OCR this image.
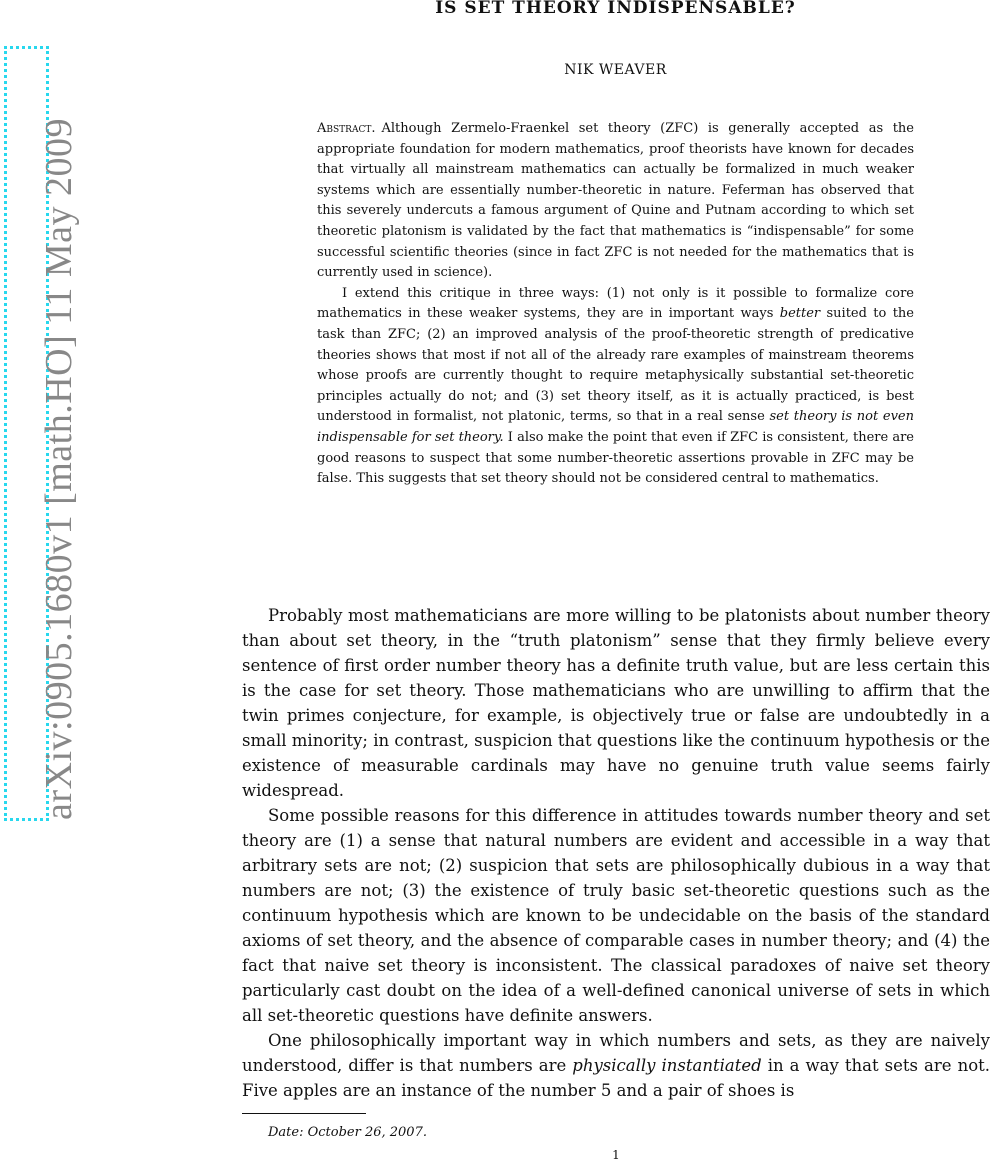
arXiv:0905.1680v1 [math.HO] 11 May 2009
IS SET THEORY INDISPENSABLE?
NIK WEAVER

Abstract. Although Zermelo-Fraenkel set theory (ZFC) is generally accepted as the appropriate foundation for modern mathematics, proof theorists have known for decades that virtually all mainstream mathematics can actually be formalized in much weaker systems which are essentially number-theoretic in nature. Feferman has observed that this severely undercuts a famous argument of Quine and Putnam according to which set theoretic platonism is validated by the fact that mathematics is “indispensable” for some successful scientific theories (since in fact ZFC is not needed for the mathematics that is currently used in science).

I extend this critique in three ways: (1) not only is it possible to formalize core mathematics in these weaker systems, they are in important ways better suited to the task than ZFC; (2) an improved analysis of the proof-theoretic strength of predicative theories shows that most if not all of the already rare examples of mainstream theorems whose proofs are currently thought to require metaphysically substantial set-theoretic principles actually do not; and (3) set theory itself, as it is actually practiced, is best understood in formalist, not platonic, terms, so that in a real sense set theory is not even indispensable for set theory. I also make the point that even if ZFC is consistent, there are good reasons to suspect that some number-theoretic assertions provable in ZFC may be false. This suggests that set theory should not be considered central to mathematics.

Probably most mathematicians are more willing to be platonists about number theory than about set theory, in the “truth platonism” sense that they firmly believe every sentence of first order number theory has a definite truth value, but are less certain this is the case for set theory. Those mathematicians who are unwilling to affirm that the twin primes conjecture, for example, is objectively true or false are undoubtedly in a small minority; in contrast, suspicion that questions like the continuum hypothesis or the existence of measurable cardinals may have no genuine truth value seems fairly widespread.

Some possible reasons for this difference in attitudes towards number theory and set theory are (1) a sense that natural numbers are evident and accessible in a way that arbitrary sets are not; (2) suspicion that sets are philosophically dubious in a way that numbers are not; (3) the existence of truly basic set-theoretic questions such as the continuum hypothesis which are known to be undecidable on the basis of the standard axioms of set theory, and the absence of comparable cases in number theory; and (4) the fact that naive set theory is inconsistent. The classical paradoxes of naive set theory particularly cast doubt on the idea of a well-defined canonical universe of sets in which all set-theoretic questions have definite answers.

One philosophically important way in which numbers and sets, as they are naively understood, differ is that numbers are physically instantiated in a way that sets are not. Five apples are an instance of the number 5 and a pair of shoes is

Date: October 26, 2007.
1
